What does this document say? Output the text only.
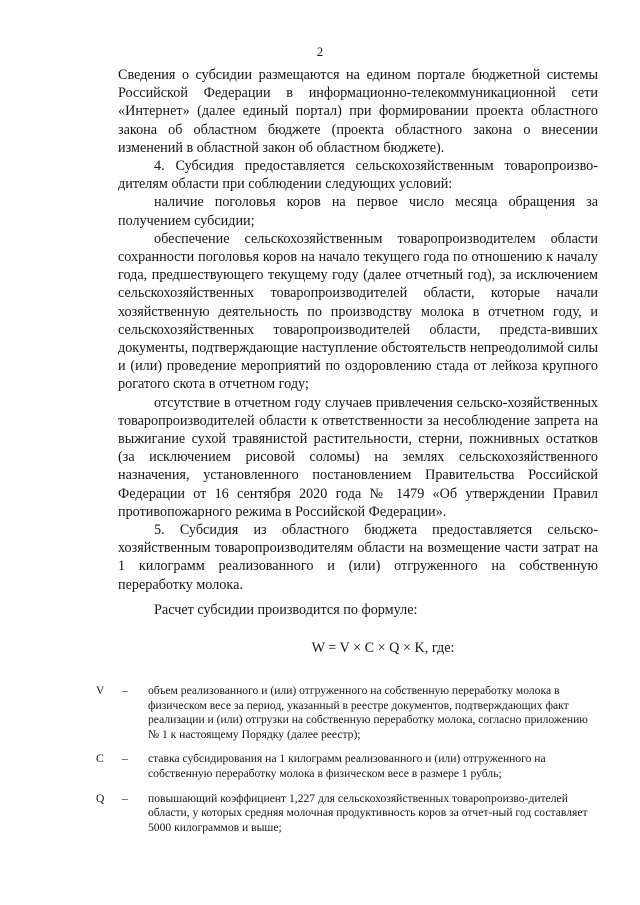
2

Сведения о субсидии размещаются на едином портале бюджетной системы Российской Федерации в информационно-телекоммуникационной сети «Интернет» (далее единый портал) при формировании проекта областного закона об областном бюджете (проекта областного закона о внесении изменений в областной закон об областном бюджете).

4. Субсидия предоставляется сельскохозяйственным товаропроизво-дителям области при соблюдении следующих условий:

наличие поголовья коров на первое число месяца обращения за получением субсидии;

обеспечение сельскохозяйственным товаропроизводителем области сохранности поголовья коров на начало текущего года по отношению к началу года, предшествующего текущему году (далее отчетный год), за исключением сельскохозяйственных товаропроизводителей области, которые начали хозяйственную деятельность по производству молока в отчетном году, и сельскохозяйственных товаропроизводителей области, предста-вивших документы, подтверждающие наступление обстоятельств непреодолимой силы и (или) проведение мероприятий по оздоровлению стада от лейкоза крупного рогатого скота в отчетном году;

отсутствие в отчетном году случаев привлечения сельско-хозяйственных товаропроизводителей области к ответственности за несоблюдение запрета на выжигание сухой травянистой растительности, стерни, пожнивных остатков (за исключением рисовой соломы) на землях сельскохозяйственного назначения, установленного постановлением Правительства Российской Федерации от 16 сентября 2020 года № 1479 «Об утверждении Правил противопожарного режима в Российской Федерации».

5. Субсидия из областного бюджета предоставляется сельско-хозяйственным товаропроизводителям области на возмещение части затрат на 1 килограмм реализованного и (или) отгруженного на собственную переработку молока.

Расчет субсидии производится по формуле:

W = V × C × Q × K, где:

V	–	объем реализованного и (или) отгруженного на собственную переработку молока в физическом весе за период, указанный в реестре документов, подтверждающих факт реализации и (или) отгрузки на собственную переработку молока, согласно приложению № 1 к настоящему Порядку (далее реестр);
C	–	ставка субсидирования на 1 килограмм реализованного и (или) отгруженного на собственную переработку молока в физическом весе в размере 1 рубль;
Q	–	повышающий коэффициент 1,227 для сельскохозяйственных товаропроизво-дителей области, у которых средняя молочная продуктивность коров за отчет-ный год составляет 5000 килограммов и выше;
